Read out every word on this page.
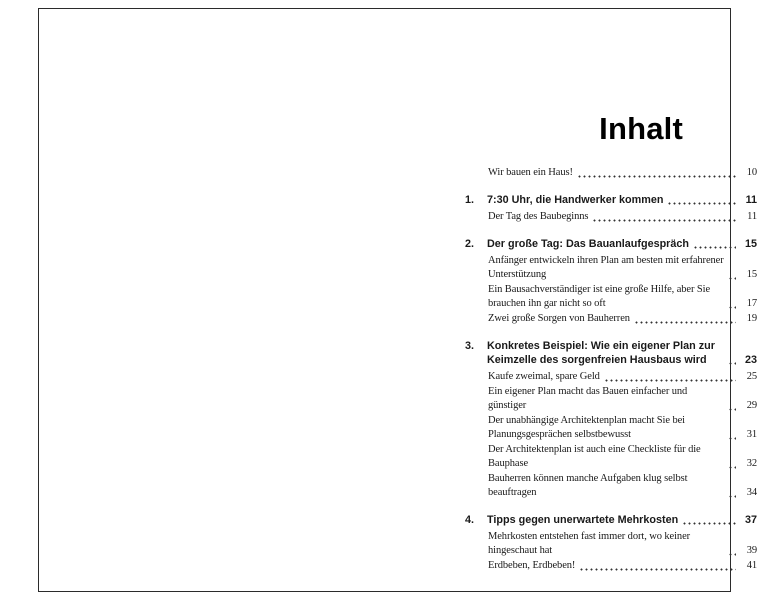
Inhalt
Wir bauen ein Haus!	10
1.	7:30 Uhr, die Handwerker kommen	11
Der Tag des Baubeginns	11
2.	Der große Tag: Das Bauanlaufgespräch	15
Anfänger entwickeln ihren Plan am besten mit erfahrener Unterstützung	15
Ein Bausachverständiger ist eine große Hilfe, aber Sie brauchen ihn gar nicht so oft	17
Zwei große Sorgen von Bauherren	19
3.	Konkretes Beispiel: Wie ein eigener Plan zur Keimzelle des sorgenfreien Hausbaus wird	23
Kaufe zweimal, spare Geld	25
Ein eigener Plan macht das Bauen einfacher und günstiger	29
Der unabhängige Architektenplan macht Sie bei Planungsgesprächen selbstbewusst	31
Der Architektenplan ist auch eine Checkliste für die Bauphase	32
Bauherren können manche Aufgaben klug selbst beauftragen	34
4.	Tipps gegen unerwartete Mehrkosten	37
Mehrkosten entstehen fast immer dort, wo keiner hingeschaut hat	39
Erdbeben, Erdbeben!	41
